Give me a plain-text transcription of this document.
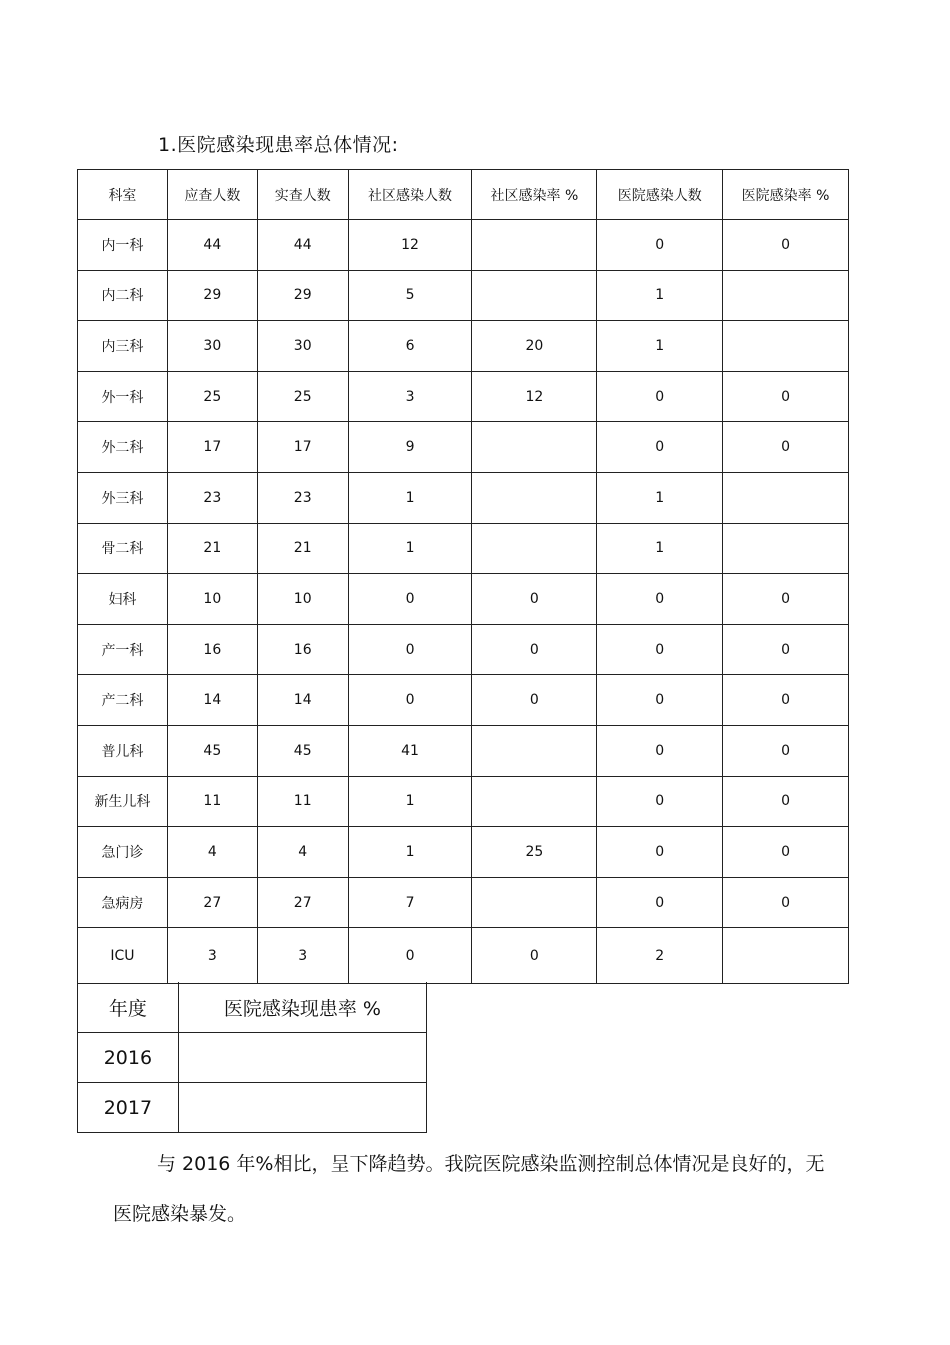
1.医院感染现患率总体情况:
科室	应查人数	实查人数	社区感染人数	社区感染率 %	医院感染人数	医院感染率 %
内一科	44	44	12		0	0
内二科	29	29	5		1	
内三科	30	30	6	20	1	
外一科	25	25	3	12	0	0
外二科	17	17	9		0	0
外三科	23	23	1		1	
骨二科	21	21	1		1	
妇科	10	10	0	0	0	0
产一科	16	16	0	0	0	0
产二科	14	14	0	0	0	0
普儿科	45	45	41		0	0
新生儿科	11	11	1		0	0
急门诊	4	4	1	25	0	0
急病房	27	27	7		0	0
ICU	3	3	0	0	2	
年度	医院感染现患率 %
2016	
2017	
与 2016 年%相比，呈下降趋势。我院医院感染监测控制总体情况是良好的，无医院感染暴发。
